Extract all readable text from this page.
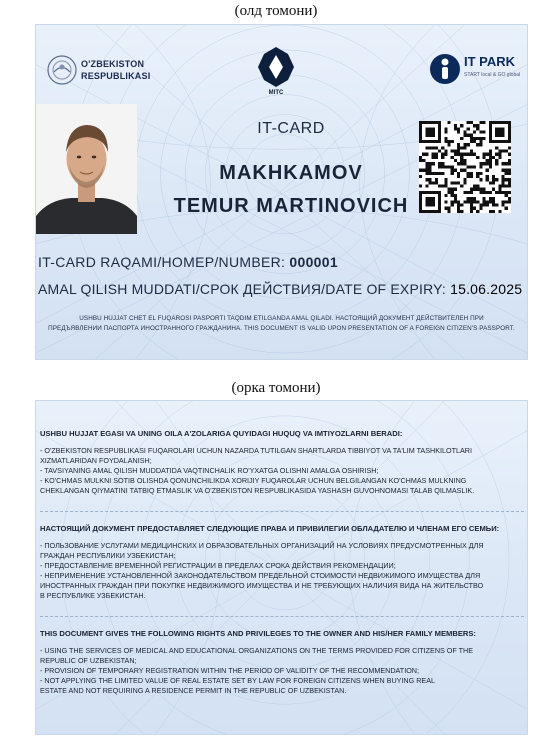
(олд томони)
O'ZBEKISTON
RESPUBLIKASI
MITC
IT PARK
START local & GO global
IT-CARD
MAKHKAMOV
TEMUR MARTINOVICH
IT-CARD RAQAMI/НОМЕР/NUMBER: 000001
AMAL QILISH MUDDATI/СРОК ДЕЙСТВИЯ/DATE OF EXPIRY: 15.06.2025
USHBU HUJJAT CHET EL FUQAROSI PASPORTI TAQDIM ETILGANDA AMAL QILADI. НАСТОЯЩИЙ ДОКУМЕНТ ДЕЙСТВИТЕЛЕН ПРИ
ПРЕДЪЯВЛЕНИИ ПАСПОРТА ИНОСТРАННОГО ГРАЖДАНИНА. THIS DOCUMENT IS VALID UPON PRESENTATION OF A FOREIGN CITIZEN'S PASSPORT.
(орка томони)
USHBU HUJJAT EGASI VA UNING OILA A'ZOLARIGA QUYIDAGI HUQUQ VA IMTIYOZLARNI BERADI:
- O'ZBEKISTON RESPUBLIKASI FUQAROLARI UCHUN NAZARDA TUTILGAN SHARTLARDA TIBBIYOT VA TA'LIM TASHKILOTLARI
XIZMATLARIDAN FOYDALANISH;
- TAVSIYANING AMAL QILISH MUDDATIDA VAQTINCHALIK RO'YXATGA OLISHNI AMALGA OSHIRISH;
- KO'CHMAS MULKNI SOTIB OLISHDA QONUNCHILIKDA XORIJIY FUQAROLAR UCHUN BELGILANGAN KO'CHMAS MULKNING
CHEKLANGAN QIYMATINI TATBIQ ETMASLIK VA O'ZBEKISTON RESPUBLIKASIDA YASHASH GUVOHNOMASI TALAB QILMASLIK.
НАСТОЯЩИЙ ДОКУМЕНТ ПРЕДОСТАВЛЯЕТ СЛЕДУЮЩИЕ ПРАВА И ПРИВИЛЕГИИ ОБЛАДАТЕЛЮ И ЧЛЕНАМ ЕГО СЕМЬИ:
- ПОЛЬЗОВАНИЕ УСЛУГАМИ МЕДИЦИНСКИХ И ОБРАЗОВАТЕЛЬНЫХ ОРГАНИЗАЦИЙ НА УСЛОВИЯХ ПРЕДУСМОТРЕННЫХ ДЛЯ
ГРАЖДАН РЕСПУБЛИКИ УЗБЕКИСТАН;
- ПРЕДОСТАВЛЕНИЕ ВРЕМЕННОЙ РЕГИСТРАЦИИ В ПРЕДЕЛАХ СРОКА ДЕЙСТВИЯ РЕКОМЕНДАЦИИ;
- НЕПРИМЕНЕНИЕ УСТАНОВЛЕННОЙ ЗАКОНОДАТЕЛЬСТВОМ ПРЕДЕЛЬНОЙ СТОИМОСТИ НЕДВИЖИМОГО ИМУЩЕСТВА ДЛЯ
ИНОСТРАННЫХ ГРАЖДАН ПРИ ПОКУПКЕ НЕДВИЖИМОГО ИМУЩЕСТВА И НЕ ТРЕБУЮЩИХ НАЛИЧИЯ ВИДА НА ЖИТЕЛЬСТВО
В РЕСПУБЛИКЕ УЗБЕКИСТАН.
THIS DOCUMENT GIVES THE FOLLOWING RIGHTS AND PRIVILEGES TO THE OWNER AND HIS/HER FAMILY MEMBERS:
- USING THE SERVICES OF MEDICAL AND EDUCATIONAL ORGANIZATIONS ON THE TERMS PROVIDED FOR CITIZENS OF THE
REPUBLIC OF UZBEKISTAN;
- PROVISION OF TEMPORARY REGISTRATION WITHIN THE PERIOD OF VALIDITY OF THE RECOMMENDATION;
- NOT APPLYING THE LIMITED VALUE OF REAL ESTATE SET BY LAW FOR FOREIGN CITIZENS WHEN BUYING REAL
ESTATE AND NOT REQUIRING A RESIDENCE PERMIT IN THE REPUBLIC OF UZBEKISTAN.
